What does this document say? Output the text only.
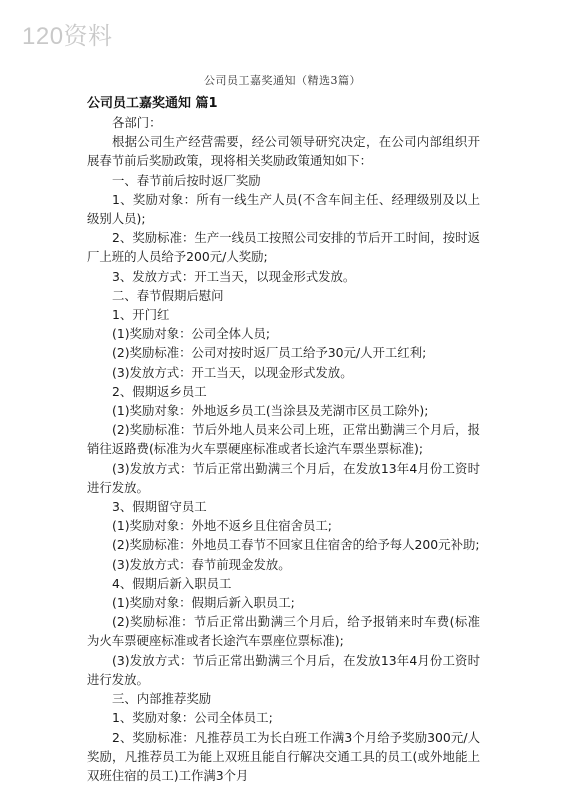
120资料
公司员工嘉奖通知（精选3篇）

公司员工嘉奖通知 篇1

各部门：

根据公司生产经营需要，经公司领导研究决定，在公司内部组织开展春节前后奖励政策，现将相关奖励政策通知如下：

一、春节前后按时返厂奖励

1、奖励对象：所有一线生产人员(不含车间主任、经理级别及以上级别人员);

2、奖励标准：生产一线员工按照公司安排的节后开工时间，按时返厂上班的人员给予200元/人奖励;

3、发放方式：开工当天，以现金形式发放。

二、春节假期后慰问

1、开门红

(1)奖励对象：公司全体人员;

(2)奖励标准：公司对按时返厂员工给予30元/人开工红利;

(3)发放方式：开工当天，以现金形式发放。

2、假期返乡员工

(1)奖励对象：外地返乡员工(当涂县及芜湖市区员工除外);

(2)奖励标准：节后外地人员来公司上班，正常出勤满三个月后，报销往返路费(标准为火车票硬座标准或者长途汽车票坐票标准);

(3)发放方式：节后正常出勤满三个月后，在发放13年4月份工资时进行发放。

3、假期留守员工

(1)奖励对象：外地不返乡且住宿舍员工;

(2)奖励标准：外地员工春节不回家且住宿舍的给予每人200元补助;

(3)发放方式：春节前现金发放。

4、假期后新入职员工

(1)奖励对象：假期后新入职员工;

(2)奖励标准：节后正常出勤满三个月后，给予报销来时车费(标准为火车票硬座标准或者长途汽车票座位票标准);

(3)发放方式：节后正常出勤满三个月后，在发放13年4月份工资时进行发放。

三、内部推荐奖励

1、奖励对象：公司全体员工;

2、奖励标准：凡推荐员工为长白班工作满3个月给予奖励300元/人奖励，凡推荐员工为能上双班且能自行解决交通工具的员工(或外地能上双班住宿的员工)工作满3个月
